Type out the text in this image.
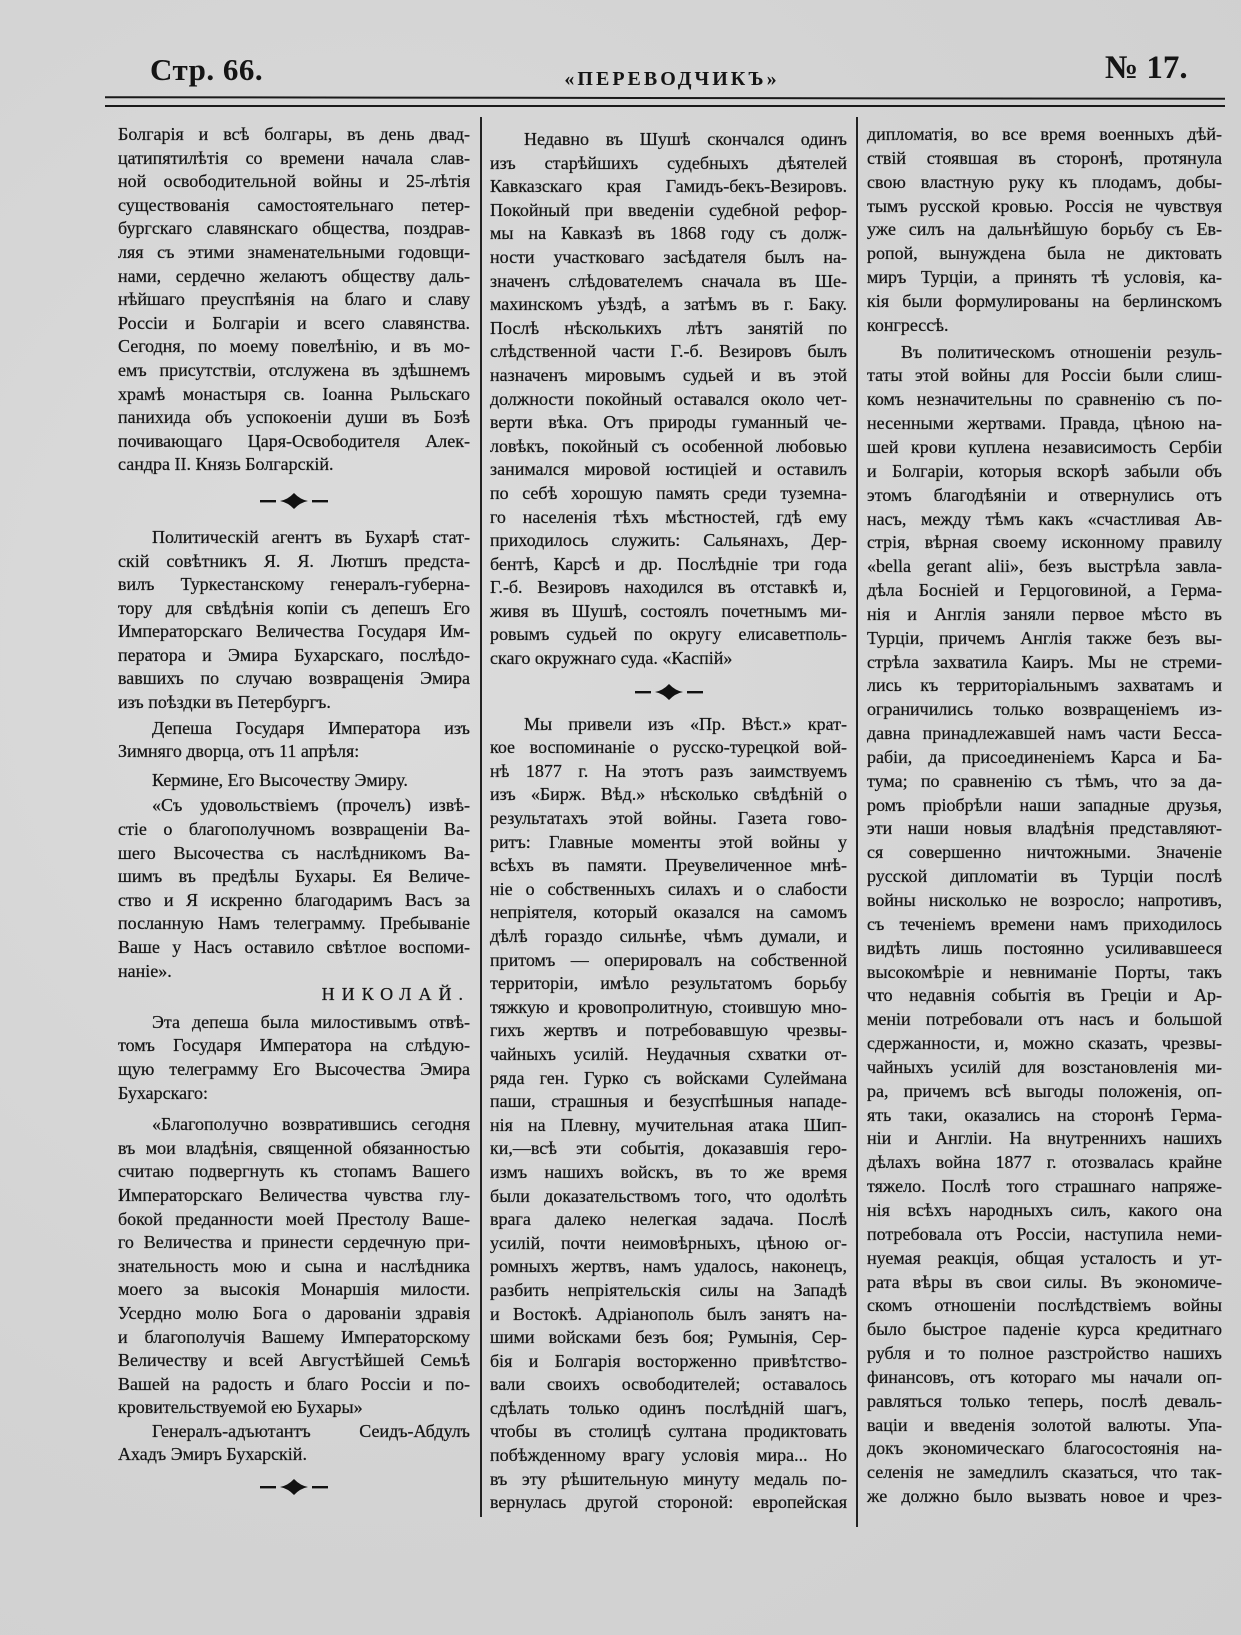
Стр. 66.	«ПЕРЕВОДЧИКЪ»	№ 17.
Болгарія и всѣ болгары, въ день двад-
цатипятилѣтія со времени начала слав-
ной освободительной войны и 25-лѣтія
существованія самостоятельнаго петер-
бургскаго славянскаго общества, поздрав-
ляя съ этими знаменательными годовщи-
нами, сердечно желаютъ обществу даль-
нѣйшаго преуспѣянія на благо и славу
Россіи и Болгаріи и всего славянства.
Сегодня, по моему повелѣнію, и въ мо-
емъ присутствіи, отслужена въ здѣшнемъ
храмѣ монастыря св. Іоанна Рыльскаго
панихида объ успокоеніи души въ Бозѣ
почивающаго Царя-Освободителя Алек-
сандра II. Князь Болгарскій.
Политическій агентъ въ Бухарѣ стат-
скій совѣтникъ Я. Я. Лютшъ предста-
вилъ Туркестанскому генералъ-губерна-
тору для свѣдѣнія копіи съ депешъ Его
Императорскаго Величества Государя Им-
ператора и Эмира Бухарскаго, послѣдо-
вавшихъ по случаю возвращенія Эмира
изъ поѣздки въ Петербургъ.
Депеша Государя Императора изъ
Зимняго дворца, отъ 11 апрѣля:
Кермине, Его Высочеству Эмиру.
«Съ удовольствіемъ (прочелъ) извѣ-
стіе о благополучномъ возвращеніи Ва-
шего Высочества съ наслѣдникомъ Ва-
шимъ въ предѣлы Бухары. Ея Величе-
ство и Я искренно благодаримъ Васъ за
посланную Намъ телеграмму. Пребываніе
Ваше у Насъ оставило свѣтлое воспоми-
наніе».
НИКОЛАЙ.
Эта депеша была милостивымъ отвѣ-
томъ Государя Императора на слѣдую-
щую телеграмму Его Высочества Эмира
Бухарскаго:
«Благополучно возвратившись сегодня
въ мои владѣнія, священной обязанностью
считаю подвергнуть къ стопамъ Вашего
Императорскаго Величества чувства глу-
бокой преданности моей Престолу Ваше-
го Величества и принести сердечную при-
знательность мою и сына и наслѣдника
моего за высокія Монаршія милости.
Усердно молю Бога о дарованіи здравія
и благополучія Вашему Императорскому
Величеству и всей Августѣйшей Семьѣ
Вашей на радость и благо Россіи и по-
кровительствуемой ею Бухары»
Генералъ-адъютантъ Сеидъ-Абдулъ
Ахадъ Эмиръ Бухарскій.
Недавно въ Шушѣ скончался одинъ
изъ старѣйшихъ судебныхъ дѣятелей
Кавказскаго края Гамидъ-бекъ-Везировъ.
Покойный при введеніи судебной рефор-
мы на Кавказѣ въ 1868 году съ долж-
ности участковаго засѣдателя былъ на-
значенъ слѣдователемъ сначала въ Ше-
махинскомъ уѣздѣ, а затѣмъ въ г. Баку.
Послѣ нѣсколькихъ лѣтъ занятій по
слѣдственной части Г.-б. Везировъ былъ
назначенъ мировымъ судьей и въ этой
должности покойный оставался около чет-
верти вѣка. Отъ природы гуманный че-
ловѣкъ, покойный съ особенной любовью
занимался мировой юстиціей и оставилъ
по себѣ хорошую память среди туземна-
го населенія тѣхъ мѣстностей, гдѣ ему
приходилось служить: Сальянахъ, Дер-
бентѣ, Карсѣ и др. Послѣдніе три года
Г.-б. Везировъ находился въ отставкѣ и,
живя въ Шушѣ, состоялъ почетнымъ ми-
ровымъ судьей по округу елисаветполь-
скаго окружнаго суда. «Каспій»
Мы привели изъ «Пр. Вѣст.» крат-
кое воспоминаніе о русско-турецкой вой-
нѣ 1877 г. На этотъ разъ заимствуемъ
изъ «Бирж. Вѣд.» нѣсколько свѣдѣній о
результатахъ этой войны. Газета гово-
ритъ: Главные моменты этой войны у
всѣхъ въ памяти. Преувеличенное мнѣ-
ніе о собственныхъ силахъ и о слабости
непріятеля, который оказался на самомъ
дѣлѣ гораздо сильнѣе, чѣмъ думали, и
притомъ — оперировалъ на собственной
территоріи, имѣло результатомъ борьбу
тяжкую и кровопролитную, стоившую мно-
гихъ жертвъ и потребовавшую чрезвы-
чайныхъ усилій. Неудачныя схватки от-
ряда ген. Гурко съ войсками Сулеймана
паши, страшныя и безуспѣшныя нападе-
нія на Плевну, мучительная атака Шип-
ки,—всѣ эти событія, доказавшія геро-
измъ нашихъ войскъ, въ то же время
были доказательствомъ того, что одолѣть
врага далеко нелегкая задача. Послѣ
усилій, почти неимовѣрныхъ, цѣною ог-
ромныхъ жертвъ, намъ удалось, наконецъ,
разбить непріятельскія силы на Западѣ
и Востокѣ. Адріанополь былъ занятъ на-
шими войсками безъ боя; Румынія, Сер-
бія и Болгарія восторженно привѣтство-
вали своихъ освободителей; оставалось
сдѣлать только одинъ послѣдній шагъ,
чтобы въ столицѣ султана продиктовать
побѣжденному врагу условія мира... Но
въ эту рѣшительную минуту медаль по-
вернулась другой стороной: европейская
дипломатія, во все время военныхъ дѣй-
ствій стоявшая въ сторонѣ, протянула
свою властную руку къ плодамъ, добы-
тымъ русской кровью. Россія не чувствуя
уже силъ на дальнѣйшую борьбу съ Ев-
ропой, вынуждена была не диктовать
миръ Турціи, а принять тѣ условія, ка-
кія были формулированы на берлинскомъ
конгрессѣ.
Въ политическомъ отношеніи резуль-
таты этой войны для Россіи были слиш-
комъ незначительны по сравненію съ по-
несенными жертвами. Правда, цѣною на-
шей крови куплена независимость Сербіи
и Болгаріи, которыя вскорѣ забыли объ
этомъ благодѣяніи и отвернулись отъ
насъ, между тѣмъ какъ «счастливая Ав-
стрія, вѣрная своему исконному правилу
«bella gerant alii», безъ выстрѣла завла-
дѣла Босніей и Герцоговиной, а Герма-
нія и Англія заняли первое мѣсто въ
Турціи, причемъ Англія также безъ вы-
стрѣла захватила Каиръ. Мы не стреми-
лись къ территоріальнымъ захватамъ и
ограничились только возвращеніемъ из-
давна принадлежавшей намъ части Бесса-
рабіи, да присоединеніемъ Карса и Ба-
тума; по сравненію съ тѣмъ, что за да-
ромъ пріобрѣли наши западные друзья,
эти наши новыя владѣнія представляют-
ся совершенно ничтожными. Значеніе
русской дипломатіи въ Турціи послѣ
войны нисколько не возросло; напротивъ,
съ теченіемъ времени намъ приходилось
видѣть лишь постоянно усиливавшееся
высокомѣріе и невниманіе Порты, такъ
что недавнія событія въ Греціи и Ар-
меніи потребовали отъ насъ и большой
сдержанности, и, можно сказать, чрезвы-
чайныхъ усилій для возстановленія ми-
ра, причемъ всѣ выгоды положенія, оп-
ять таки, оказались на сторонѣ Герма-
ніи и Англіи. На внутреннихъ нашихъ
дѣлахъ война 1877 г. отозвалась крайне
тяжело. Послѣ того страшнаго напряже-
нія всѣхъ народныхъ силъ, какого она
потребовала отъ Россіи, наступила неми-
нуемая реакція, общая усталость и ут-
рата вѣры въ свои силы. Въ экономиче-
скомъ отношеніи послѣдствіемъ войны
было быстрое паденіе курса кредитнаго
рубля и то полное разстройство нашихъ
финансовъ, отъ котораго мы начали оп-
равляться только теперь, послѣ деваль-
ваціи и введенія золотой валюты. Упа-
докъ экономическаго благосостоянія на-
селенія не замедлилъ сказаться, что так-
же должно было вызвать новое и чрез-
